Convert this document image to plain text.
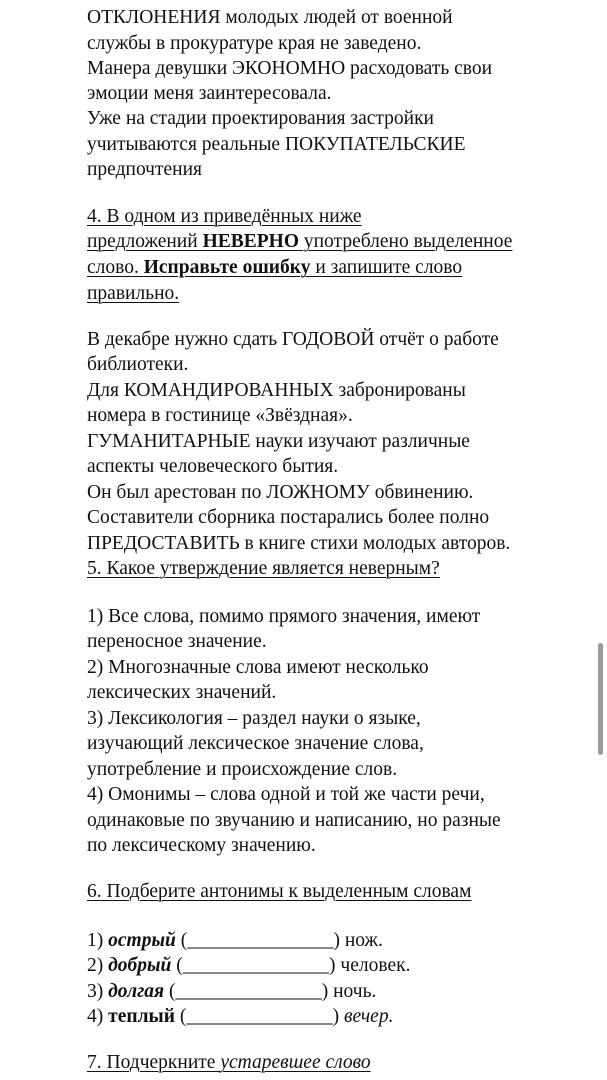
ОТКЛОНЕНИЯ молодых людей от военной
службы в прокуратуре края не заведено.
Манера девушки ЭКОНОМНО расходовать свои
эмоции меня заинтересовала.
Уже на стадии проектирования застройки
учитываются реальные ПОКУПАТЕЛЬСКИЕ
предпочтения
4. В одном из приведённых ниже
предложений НЕВЕРНО употреблено выделенное
слово. Исправьте ошибку и запишите слово
правильно.
В декабре нужно сдать ГОДОВОЙ отчёт о работе
библиотеки.
Для КОМАНДИРОВАННЫХ забронированы
номера в гостинице «Звёздная».
ГУМАНИТАРНЫЕ науки изучают различные
аспекты человеческого бытия.
Он был арестован по ЛОЖНОМУ обвинению.
Составители сборника постарались более полно
ПРЕДОСТАВИТЬ в книге стихи молодых авторов.
5. Какое утверждение является неверным?
1) Все слова, помимо прямого значения, имеют
переносное значение.
2) Многозначные слова имеют несколько
лексических значений.
3) Лексикология – раздел науки о языке,
изучающий лексическое значение слова,
употребление и происхождение слов.
4) Омонимы – слова одной и той же части речи,
одинаковые по звучанию и написанию, но разные
по лексическому значению.
6. Подберите антонимы к выделенным словам
1) острый (_______________) нож.
2) добрый (_______________) человек.
3) долгая (_______________) ночь.
4) теплый (_______________) вечер.
7. Подчеркните устаревшее слово
